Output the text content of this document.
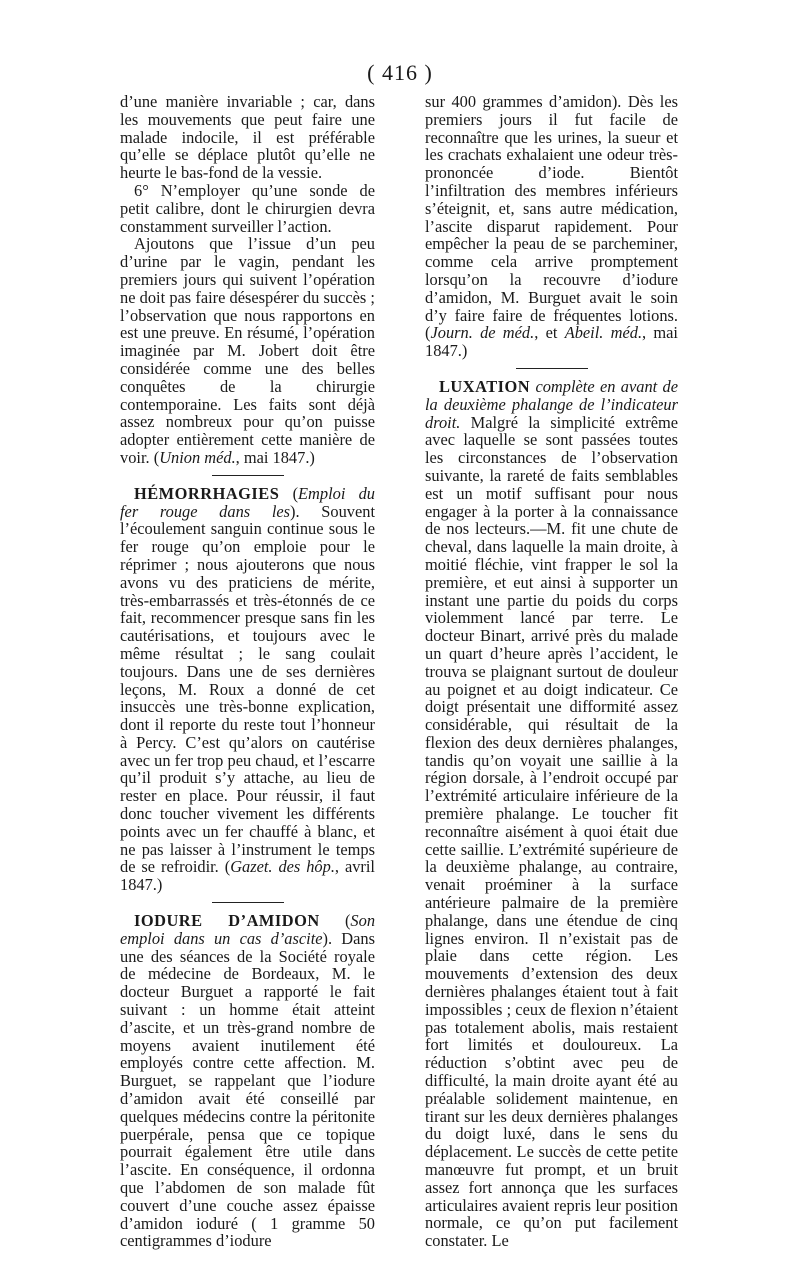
( 416 )

d’une manière invariable ; car, dans les mouvements que peut faire une malade indocile, il est préférable qu’elle se déplace plutôt qu’elle ne heurte le bas-fond de la vessie.

6° N’employer qu’une sonde de petit calibre, dont le chirurgien devra constamment surveiller l’action.

Ajoutons que l’issue d’un peu d’urine par le vagin, pendant les premiers jours qui suivent l’opération ne doit pas faire désespérer du succès ; l’observation que nous rapportons en est une preuve. En résumé, l’opération imaginée par M. Jobert doit être considérée comme une des belles conquêtes de la chirurgie contemporaine. Les faits sont déjà assez nombreux pour qu’on puisse adopter entièrement cette manière de voir. (Union méd., mai 1847.)

HÉMORRHAGIES (Emploi du fer rouge dans les). Souvent l’écoulement sanguin continue sous le fer rouge qu’on emploie pour le réprimer ; nous ajouterons que nous avons vu des praticiens de mérite, très-embarrassés et très-étonnés de ce fait, recommencer presque sans fin les cautérisations, et toujours avec le même résultat ; le sang coulait toujours. Dans une de ses dernières leçons, M. Roux a donné de cet insuccès une très-bonne explication, dont il reporte du reste tout l’honneur à Percy. C’est qu’alors on cautérise avec un fer trop peu chaud, et l’escarre qu’il produit s’y attache, au lieu de rester en place. Pour réussir, il faut donc toucher vivement les différents points avec un fer chauffé à blanc, et ne pas laisser à l’instrument le temps de se refroidir. (Gazet. des hôp., avril 1847.)

IODURE D’AMIDON (Son emploi dans un cas d’ascite). Dans une des séances de la Société royale de médecine de Bordeaux, M. le docteur Burguet a rapporté le fait suivant : un homme était atteint d’ascite, et un très-grand nombre de moyens avaient inutilement été employés contre cette affection. M. Burguet, se rappelant que l’iodure d’amidon avait été conseillé par quelques médecins contre la péritonite puerpérale, pensa que ce topique pourrait également être utile dans l’ascite. En conséquence, il ordonna que l’abdomen de son malade fût couvert d’une couche assez épaisse d’amidon ioduré ( 1 gramme 50 centigrammes d’iodure

sur 400 grammes d’amidon). Dès les premiers jours il fut facile de reconnaître que les urines, la sueur et les crachats exhalaient une odeur très-prononcée d’iode. Bientôt l’infiltration des membres inférieurs s’éteignit, et, sans autre médication, l’ascite disparut rapidement. Pour empêcher la peau de se parcheminer, comme cela arrive promptement lorsqu’on la recouvre d’iodure d’amidon, M. Burguet avait le soin d’y faire faire de fréquentes lotions. (Journ. de méd., et Abeil. méd., mai 1847.)

LUXATION complète en avant de la deuxième phalange de l’indicateur droit. Malgré la simplicité extrême avec laquelle se sont passées toutes les circonstances de l’observation suivante, la rareté de faits semblables est un motif suffisant pour nous engager à la porter à la connaissance de nos lecteurs.—M. fit une chute de cheval, dans laquelle la main droite, à moitié fléchie, vint frapper le sol la première, et eut ainsi à supporter un instant une partie du poids du corps violemment lancé par terre. Le docteur Binart, arrivé près du malade un quart d’heure après l’accident, le trouva se plaignant surtout de douleur au poignet et au doigt indicateur. Ce doigt présentait une difformité assez considérable, qui résultait de la flexion des deux dernières phalanges, tandis qu’on voyait une saillie à la région dorsale, à l’endroit occupé par l’extrémité articulaire inférieure de la première phalange. Le toucher fit reconnaître aisément à quoi était due cette saillie. L’extrémité supérieure de la deuxième phalange, au contraire, venait proéminer à la surface antérieure palmaire de la première phalange, dans une étendue de cinq lignes environ. Il n’existait pas de plaie dans cette région. Les mouvements d’extension des deux dernières phalanges étaient tout à fait impossibles ; ceux de flexion n’étaient pas totalement abolis, mais restaient fort limités et douloureux. La réduction s’obtint avec peu de difficulté, la main droite ayant été au préalable solidement maintenue, en tirant sur les deux dernières phalanges du doigt luxé, dans le sens du déplacement. Le succès de cette petite manœuvre fut prompt, et un bruit assez fort annonça que les surfaces articulaires avaient repris leur position normale, ce qu’on put facilement constater. Le
